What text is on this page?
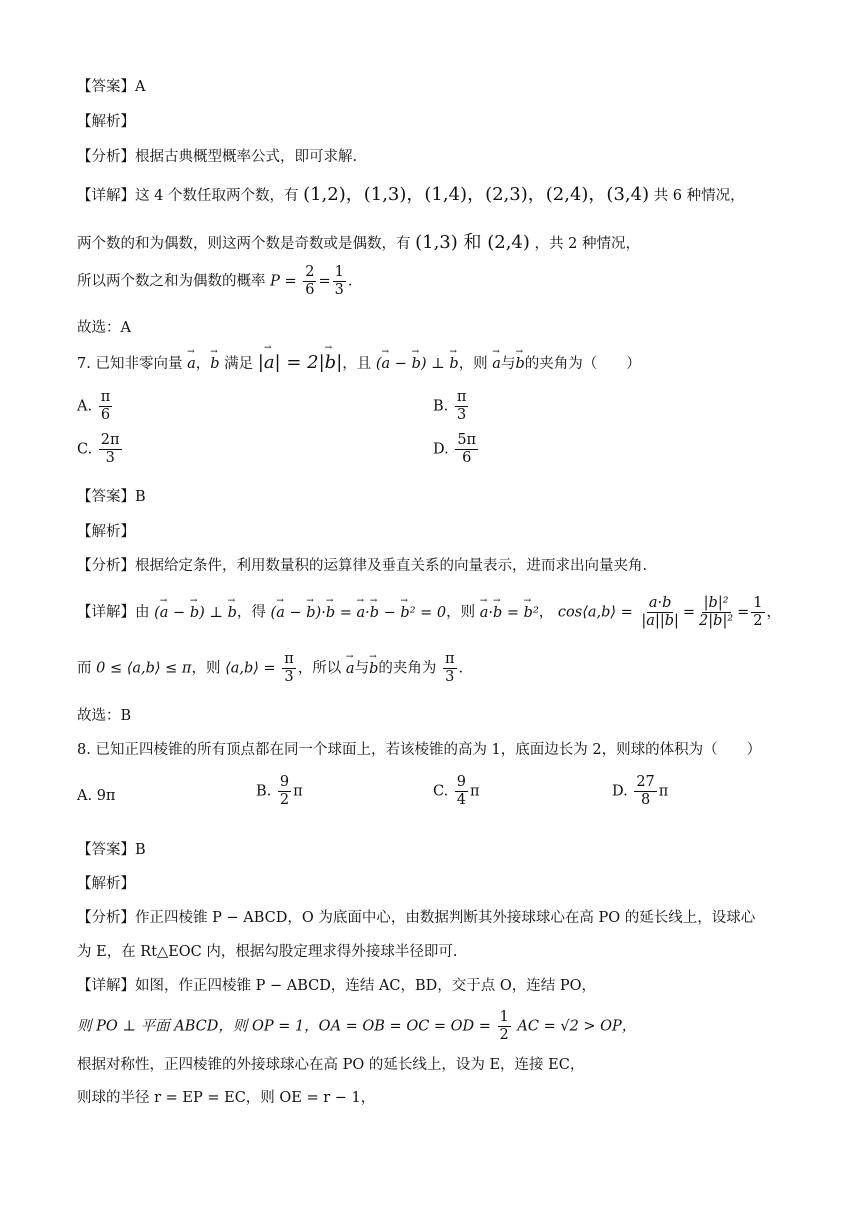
【答案】A
【解析】
【分析】根据古典概型概率公式，即可求解.
【详解】这 4 个数任取两个数，有 (1,2)，(1,3)，(1,4)，(2,3)，(2,4)，(3,4) 共 6 种情况，
两个数的和为偶数，则这两个数是奇数或是偶数，有 (1,3) 和 (2,4) ，共 2 种情况，
所以两个数之和为偶数的概率 $P = \frac{2}{6} = \frac{1}{3}$ .
故选：A
7. 已知非零向量 → a，→ b 满足 |→ a| = 2|→ b|，且 (→ a − → b) ⊥ → b，则 → a与→ b的夹角为（　　）
A. $\frac{\pi}{6}$	B. $\frac{\pi}{3}$
C. $\frac{2\pi}{3}$	D. $\frac{5\pi}{6}$
【答案】B
【解析】
【分析】根据给定条件，利用数量积的运算律及垂直关系的向量表示，进而求出向量夹角.
【详解】由 (→ a − → b) ⊥ → b，得 (→ a − → b)·→ b = → a·→ b − → b² = 0，则 → a·→ b = → b²， cos⟨a,b⟩ = $\frac{a\cdot b}{|a||b|} = \frac{\text{|b|²}}{\text{2|b|²}} = \frac{1}{2}$ ，
而 0 ≤ ⟨a,b⟩ ≤ π，则 ⟨a,b⟩ = $\frac{\pi}{3}$ ，所以 → a与→ b的夹角为 $\frac{\pi}{3}$ .
故选：B
8. 已知正四棱锥的所有顶点都在同一个球面上，若该棱锥的高为 1，底面边长为 2，则球的体积为（　　）
A. 9π	B. $\frac{9}{2}$ π	C. $\frac{9}{4}$ π	D. $\frac{27}{8}$ π
【答案】B
【解析】
【分析】作正四棱锥 P − ABCD，O 为底面中心，由数据判断其外接球球心在高 PO 的延长线上，设球心
为 E，在 Rt△EOC 内，根据勾股定理求得外接球半径即可.
【详解】如图，作正四棱锥 P − ABCD，连结 AC，BD，交于点 O，连结 PO，
则 PO ⊥ 平面 ABCD，则 OP = 1，OA = OB = OC = OD = $\frac{1}{2}$ AC = √2 > OP，
根据对称性，正四棱锥的外接球球心在高 PO 的延长线上，设为 E，连接 EC，
则球的半径 r = EP = EC，则 OE = r − 1，
